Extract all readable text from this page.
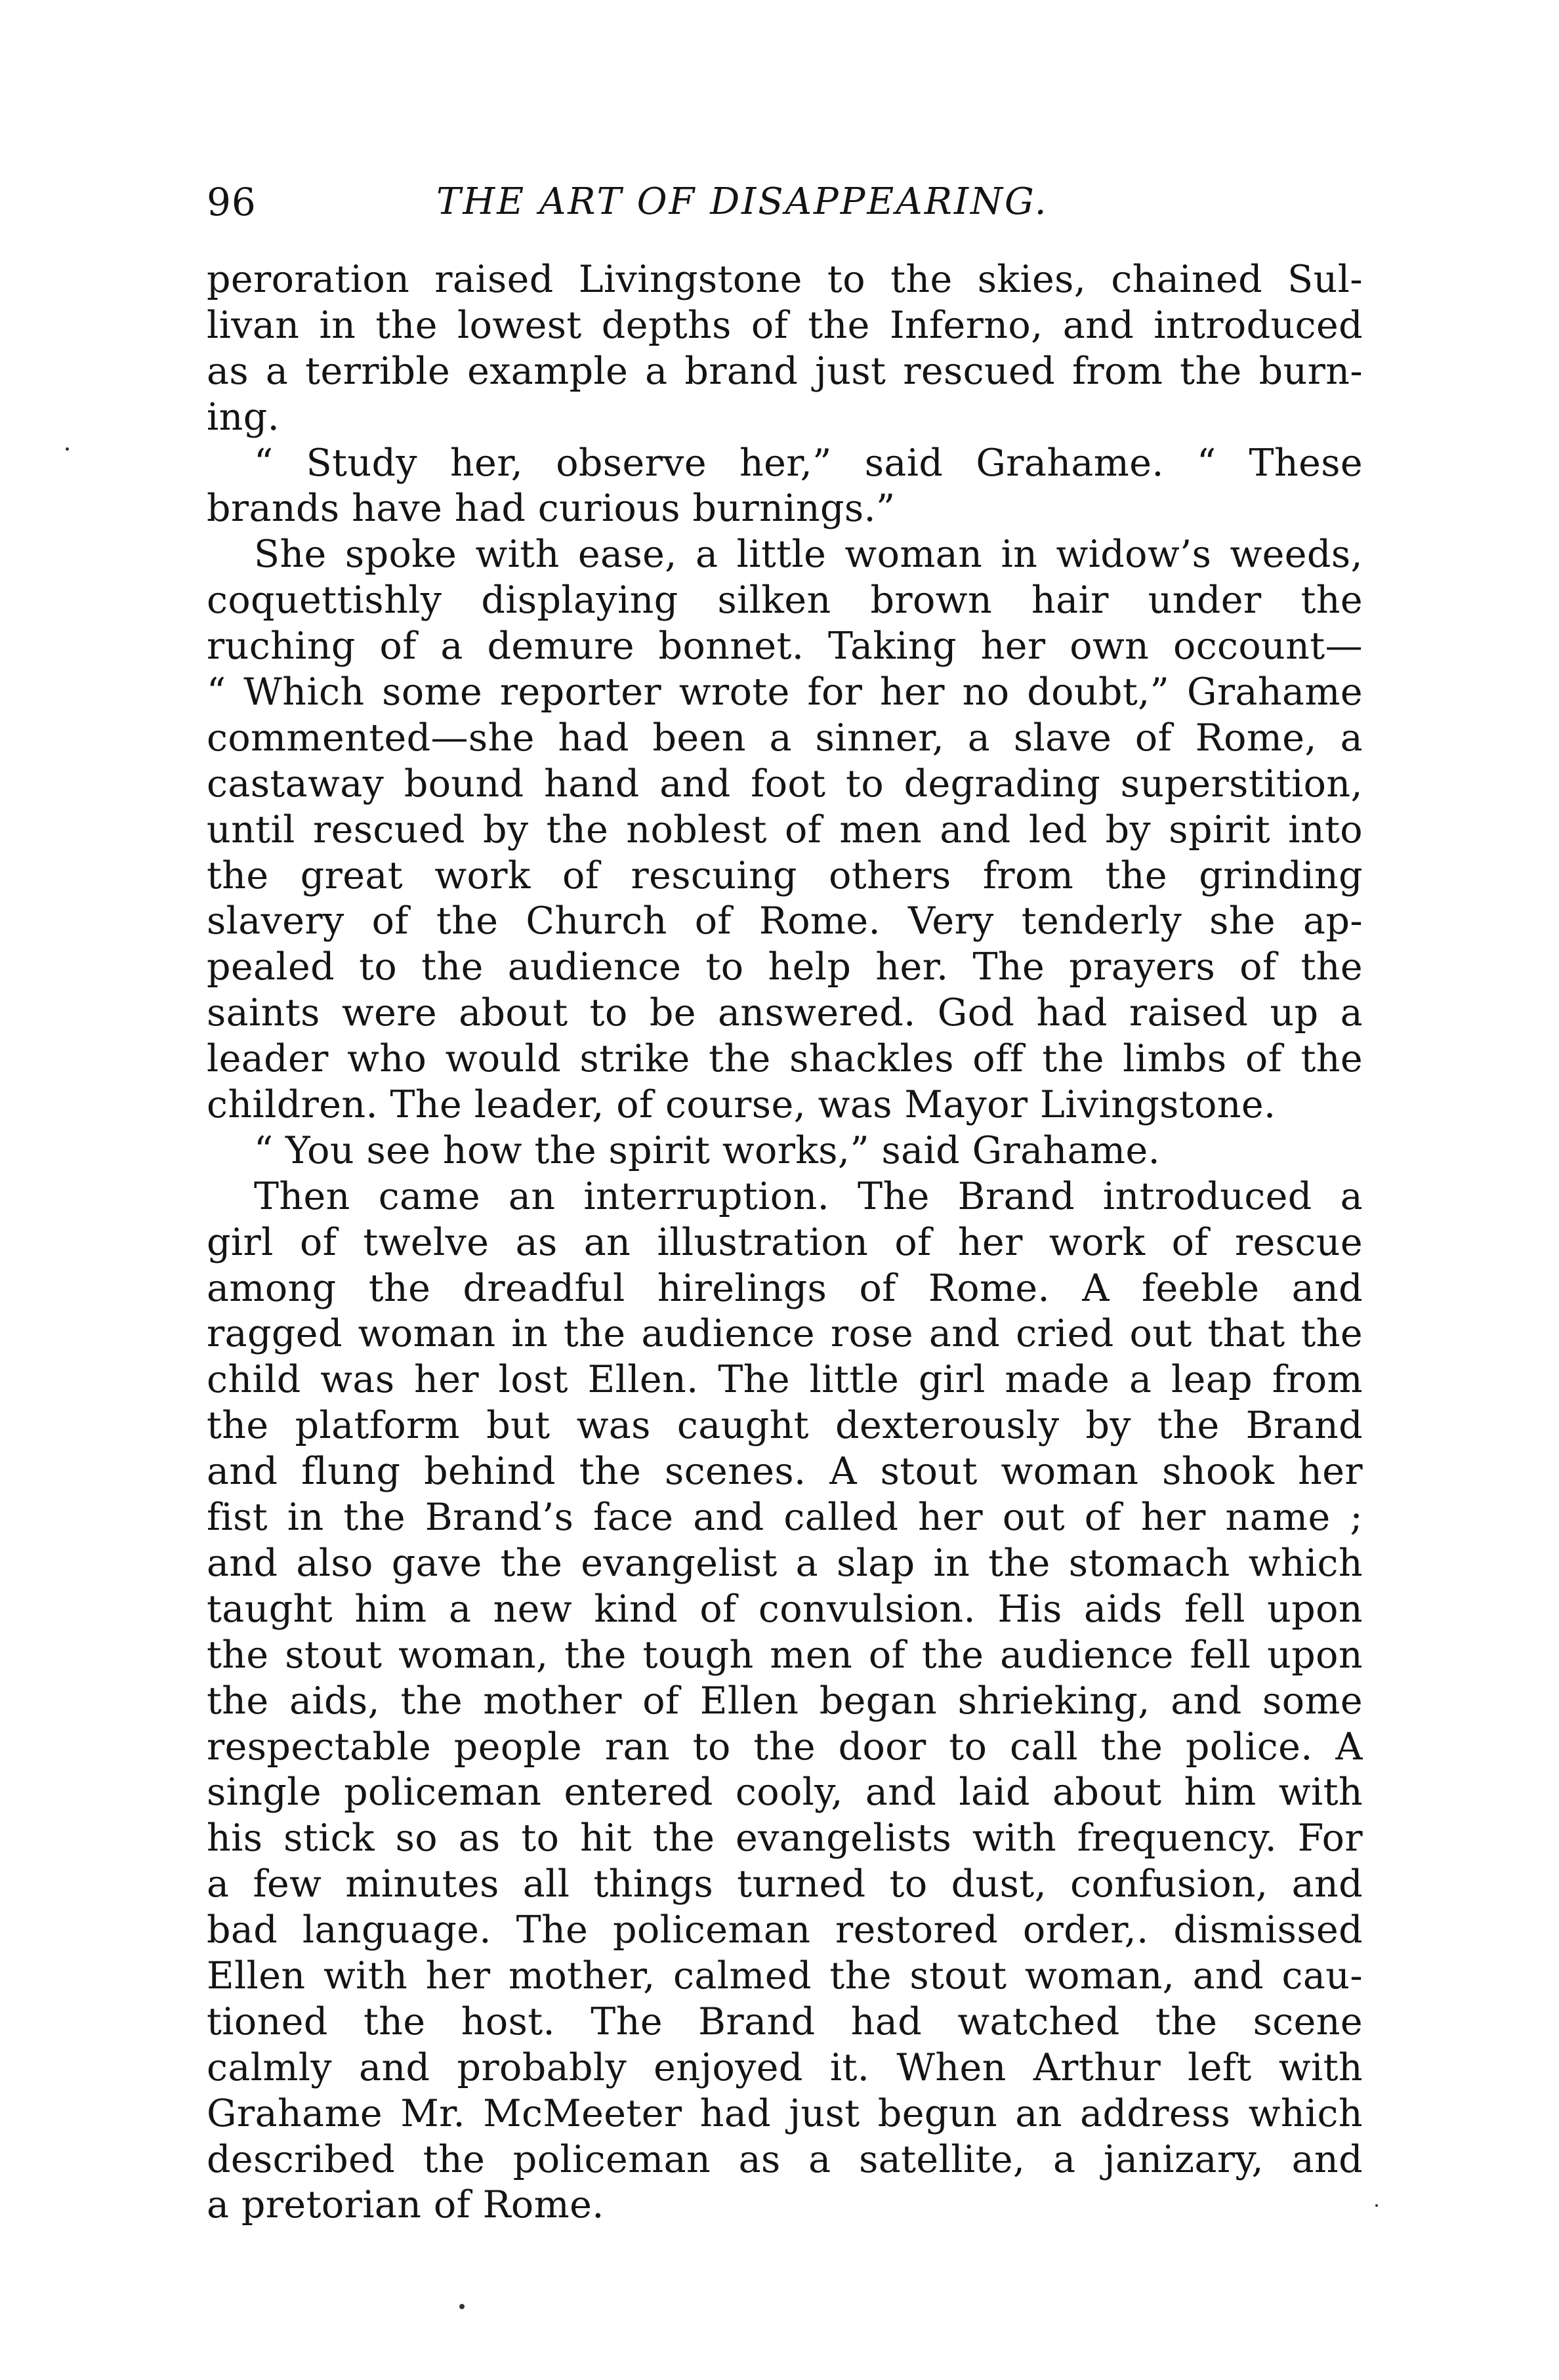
96	THE ART OF DISAPPEARING.
peroration raised Livingstone to the skies, chained Sul-
livan in the lowest depths of the Inferno, and introduced
as a terrible example a brand just rescued from the burn-
ing.
“ Study her, observe her,” said Grahame. “ These
brands have had curious burnings.”
She spoke with ease, a little woman in widow’s weeds,
coquettishly displaying silken brown hair under the
ruching of a demure bonnet. Taking her own occount—
“ Which some reporter wrote for her no doubt,” Grahame
commented—she had been a sinner, a slave of Rome, a
castaway bound hand and foot to degrading superstition,
until rescued by the noblest of men and led by spirit into
the great work of rescuing others from the grinding
slavery of the Church of Rome. Very tenderly she ap-
pealed to the audience to help her. The prayers of the
saints were about to be answered. God had raised up a
leader who would strike the shackles off the limbs of the
children. The leader, of course, was Mayor Livingstone.
“ You see how the spirit works,” said Grahame.
Then came an interruption. The Brand introduced a
girl of twelve as an illustration of her work of rescue
among the dreadful hirelings of Rome. A feeble and
ragged woman in the audience rose and cried out that the
child was her lost Ellen. The little girl made a leap from
the platform but was caught dexterously by the Brand
and flung behind the scenes. A stout woman shook her
fist in the Brand’s face and called her out of her name ;
and also gave the evangelist a slap in the stomach which
taught him a new kind of convulsion. His aids fell upon
the stout woman, the tough men of the audience fell upon
the aids, the mother of Ellen began shrieking, and some
respectable people ran to the door to call the police. A
single policeman entered cooly, and laid about him with
his stick so as to hit the evangelists with frequency. For
a few minutes all things turned to dust, confusion, and
bad language. The policeman restored order,. dismissed
Ellen with her mother, calmed the stout woman, and cau-
tioned the host. The Brand had watched the scene
calmly and probably enjoyed it. When Arthur left with
Grahame Mr. McMeeter had just begun an address which
described the policeman as a satellite, a janizary, and
a pretorian of Rome.
